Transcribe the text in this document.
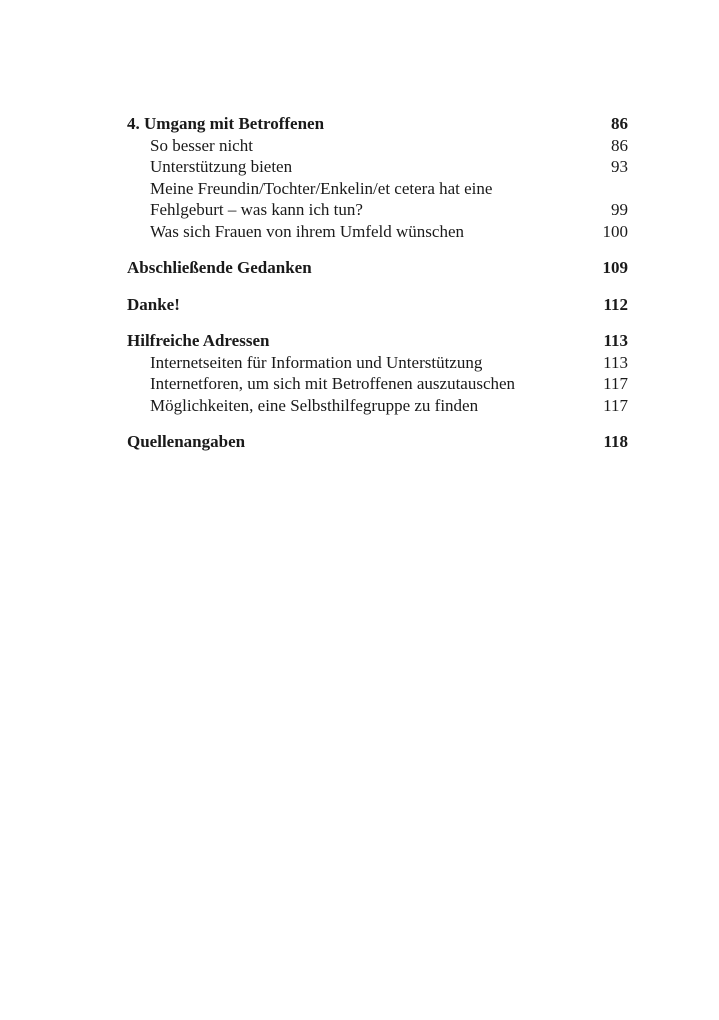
4. Umgang mit Betroffenen	86
So besser nicht	86
Unterstützung bieten	93
Meine Freundin/Tochter/Enkelin/et cetera hat eine
Fehlgeburt – was kann ich tun?	99
Was sich Frauen von ihrem Umfeld wünschen	100
Abschließende Gedanken	109
Danke!	112
Hilfreiche Adressen	113
Internetseiten für Information und Unterstützung	113
Internetforen, um sich mit Betroffenen auszutauschen	117
Möglichkeiten, eine Selbsthilfegruppe zu finden	117
Quellenangaben	118
